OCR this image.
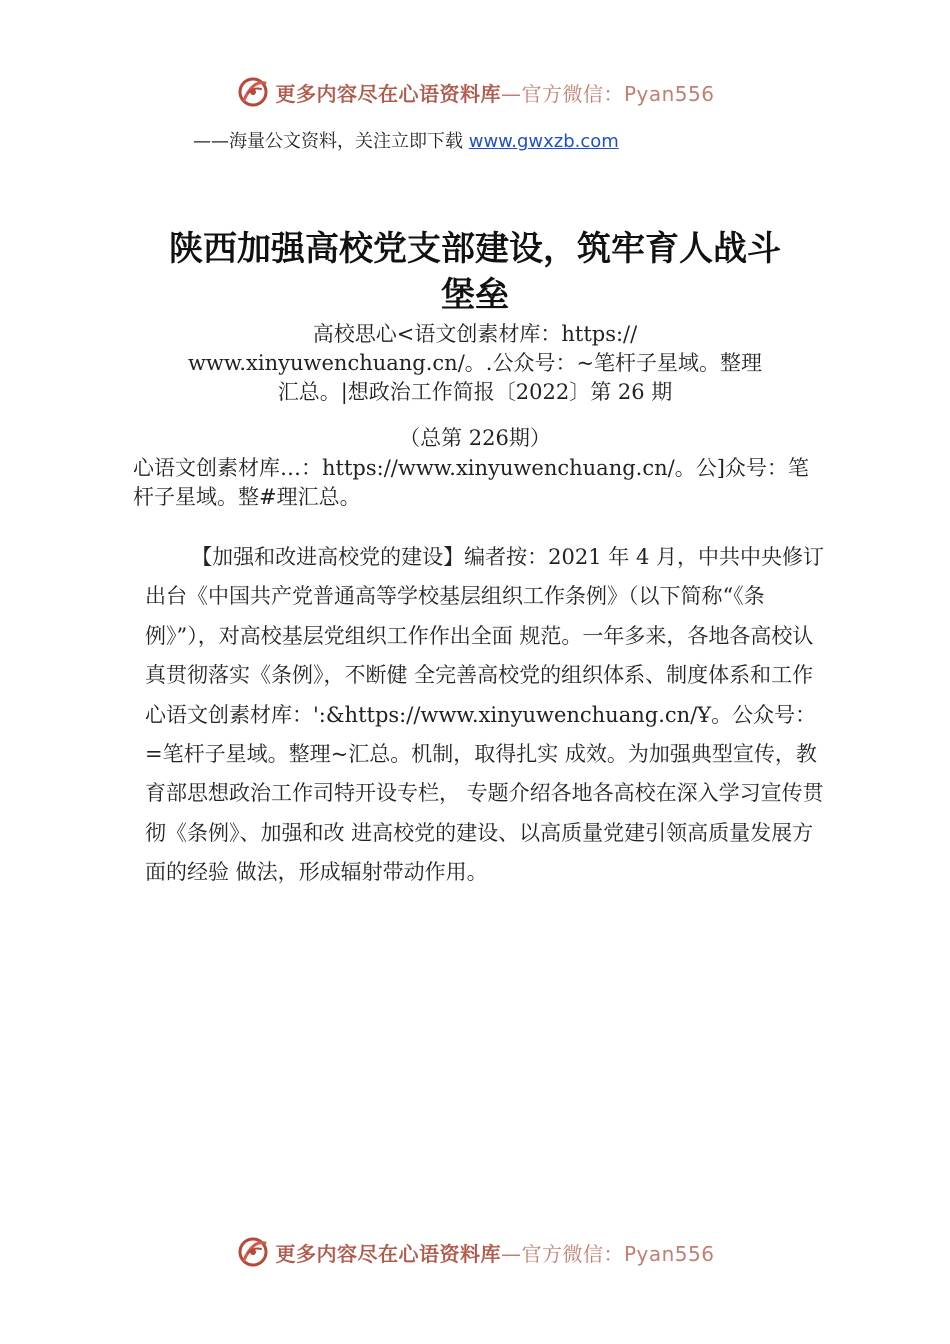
更多内容尽在心语资料库—官方微信：Pyan556
——海量公文资料，关注立即下载 www.gwxzb.com
陕西加强高校党支部建设，筑牢育人战斗
堡垒
高校思心<语文创素材库：https://
www.xinyuwenchuang.cn/。.公众号：~笔杆子星域。整理
汇总。|想政治工作简报〔2022〕第 26 期
（总第 226期）
心语文创素材库…：https://www.xinyuwenchuang.cn/。公]众号：笔杆子星域。整#理汇总。
【加强和改进高校党的建设】编者按：2021 年 4 月，中共中央修订出台《中国共产党普通高等学校基层组织工作条例》（以下简称“《条例》”），对高校基层党组织工作作出全面 规范。一年多来，各地各高校认真贯彻落实《条例》，不断健 全完善高校党的组织体系、制度体系和工作心语文创素材库：':&https://www.xinyuwenchuang.cn/Ұ。公众号：=笔杆子星域。整理~汇总。机制，取得扎实 成效。为加强典型宣传，教育部思想政治工作司特开设专栏， 专题介绍各地各高校在深入学习宣传贯彻《条例》、加强和改 进高校党的建设、以高质量党建引领高质量发展方面的经验 做法，形成辐射带动作用。
更多内容尽在心语资料库—官方微信：Pyan556
